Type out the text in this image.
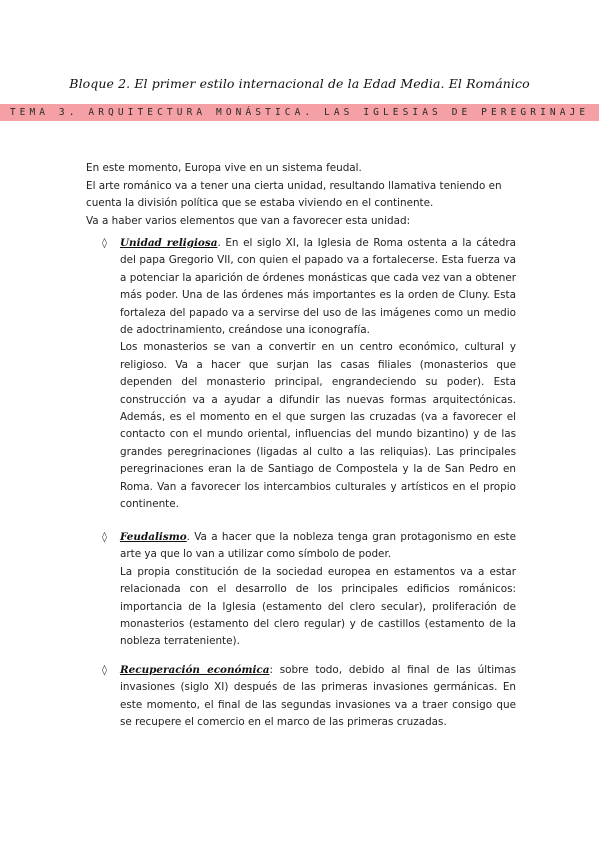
Bloque 2. El primer estilo internacional de la Edad Media. El Románico
TEMA 3. ARQUITECTURA MONÁSTICA. LAS IGLESIAS DE PEREGRINAJE

En este momento, Europa vive en un sistema feudal.

El arte románico va a tener una cierta unidad, resultando llamativa teniendo en cuenta la división política que se estaba viviendo en el continente.

Va a haber varios elementos que van a favorecer esta unidad:

◊ Unidad religiosa. En el siglo XI, la Iglesia de Roma ostenta a la cátedra del papa Gregorio VII, con quien el papado va a fortalecerse. Esta fuerza va a potenciar la aparición de órdenes monásticas que cada vez van a obtener más poder. Una de las órdenes más importantes es la orden de Cluny. Esta fortaleza del papado va a servirse del uso de las imágenes como un medio de adoctrinamiento, creándose una iconografía.

Los monasterios se van a convertir en un centro económico, cultural y religioso. Va a hacer que surjan las casas filiales (monasterios que dependen del monasterio principal, engrandeciendo su poder). Esta construcción va a ayudar a difundir las nuevas formas arquitectónicas. Además, es el momento en el que surgen las cruzadas (va a favorecer el contacto con el mundo oriental, influencias del mundo bizantino) y de las grandes peregrinaciones (ligadas al culto a las reliquias). Las principales peregrinaciones eran la de Santiago de Compostela y la de San Pedro en Roma. Van a favorecer los intercambios culturales y artísticos en el propio continente.

◊ Feudalismo. Va a hacer que la nobleza tenga gran protagonismo en este arte ya que lo van a utilizar como símbolo de poder.

La propia constitución de la sociedad europea en estamentos va a estar relacionada con el desarrollo de los principales edificios románicos: importancia de la Iglesia (estamento del clero secular), proliferación de monasterios (estamento del clero regular) y de castillos (estamento de la nobleza terrateniente).

◊ Recuperación económica: sobre todo, debido al final de las últimas invasiones (siglo XI) después de las primeras invasiones germánicas. En este momento, el final de las segundas invasiones va a traer consigo que se recupere el comercio en el marco de las primeras cruzadas.
